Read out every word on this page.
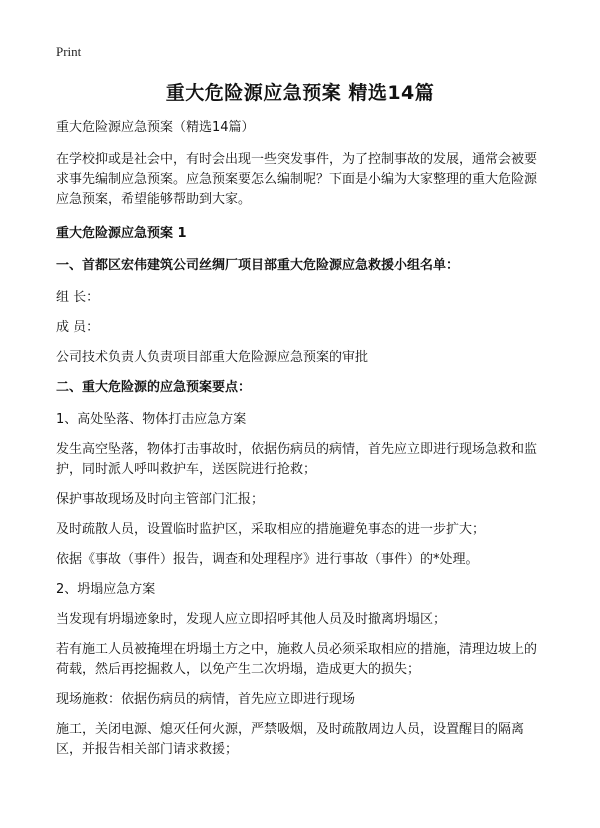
Print
重大危险源应急预案 精选14篇
重大危险源应急预案（精选14篇）
在学校抑或是社会中，有时会出现一些突发事件，为了控制事故的发展，通常会被要求事先编制应急预案。应急预案要怎么编制呢？下面是小编为大家整理的重大危险源应急预案，希望能够帮助到大家。
重大危险源应急预案 1
一、首都区宏伟建筑公司丝绸厂项目部重大危险源应急救援小组名单：
组 长：
成 员：
公司技术负责人负责项目部重大危险源应急预案的审批
二、重大危险源的应急预案要点：
1、高处坠落、物体打击应急方案
发生高空坠落，物体打击事故时，依据伤病员的病情，首先应立即进行现场急救和监护，同时派人呼叫救护车，送医院进行抢救；
保护事故现场及时向主管部门汇报；
及时疏散人员，设置临时监护区，采取相应的措施避免事态的进一步扩大；
依据《事故（事件）报告，调查和处理程序》进行事故（事件）的*处理。
2、坍塌应急方案
当发现有坍塌迹象时，发现人应立即招呼其他人员及时撤离坍塌区；
若有施工人员被掩埋在坍塌土方之中，施救人员必须采取相应的措施，清理边坡上的荷载，然后再挖掘救人，以免产生二次坍塌，造成更大的损失；
现场施救：依据伤病员的病情，首先应立即进行现场
施工，关闭电源、熄灭任何火源，严禁吸烟，及时疏散周边人员，设置醒目的隔离区，并报告相关部门请求救援；
